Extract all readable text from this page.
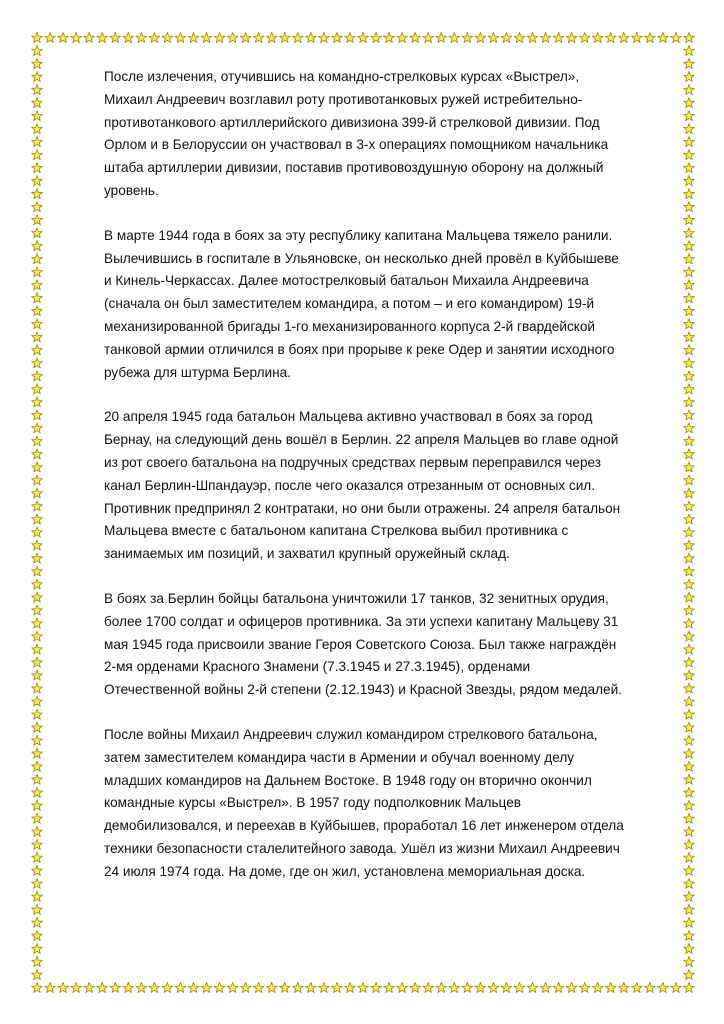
После излечения, отучившись на командно-стрелковых курсах «Выстрел», Михаил Андреевич возглавил роту противотанковых ружей истребительно-противотанкового артиллерийского дивизиона 399-й стрелковой дивизии. Под Орлом и в Белоруссии он участвовал в 3-х операциях помощником начальника штаба артиллерии дивизии, поставив противовоздушную оборону на должный уровень.

В марте 1944 года в боях за эту республику капитана Мальцева тяжело ранили. Вылечившись в госпитале в Ульяновске, он несколько дней провёл в Куйбышеве и Кинель-Черкассах. Далее мотострелковый батальон Михаила Андреевича (сначала он был заместителем командира, а потом – и его командиром) 19-й механизированной бригады 1-го механизированного корпуса 2-й гвардейской танковой армии отличился в боях при прорыве к реке Одер и занятии исходного рубежа для штурма Берлина.

20 апреля 1945 года батальон Мальцева активно участвовал в боях за город Бернау, на следующий день вошёл в Берлин. 22 апреля Мальцев во главе одной из рот своего батальона на подручных средствах первым переправился через канал Берлин-Шпандауэр, после чего оказался отрезанным от основных сил. Противник предпринял 2 контратаки, но они были отражены. 24 апреля батальон Мальцева вместе с батальоном капитана Стрелкова выбил противника с занимаемых им позиций, и захватил крупный оружейный склад.

В боях за Берлин бойцы батальона уничтожили 17 танков, 32 зенитных орудия, более 1700 солдат и офицеров противника. За эти успехи капитану Мальцеву 31 мая 1945 года присвоили звание Героя Советского Союза. Был также награждён 2-мя орденами Красного Знамени (7.3.1945 и 27.3.1945), орденами Отечественной войны 2-й степени (2.12.1943) и Красной Звезды, рядом медалей.

После войны Михаил Андреевич служил командиром стрелкового батальона, затем заместителем командира части в Армении и обучал военному делу младших командиров на Дальнем Востоке. В 1948 году он вторично окончил командные курсы «Выстрел». В 1957 году подполковник Мальцев демобилизовался, и переехав в Куйбышев, проработал 16 лет инженером отдела техники безопасности сталелитейного завода. Ушёл из жизни Михаил Андреевич 24 июля 1974 года. На доме, где он жил, установлена мемориальная доска.
